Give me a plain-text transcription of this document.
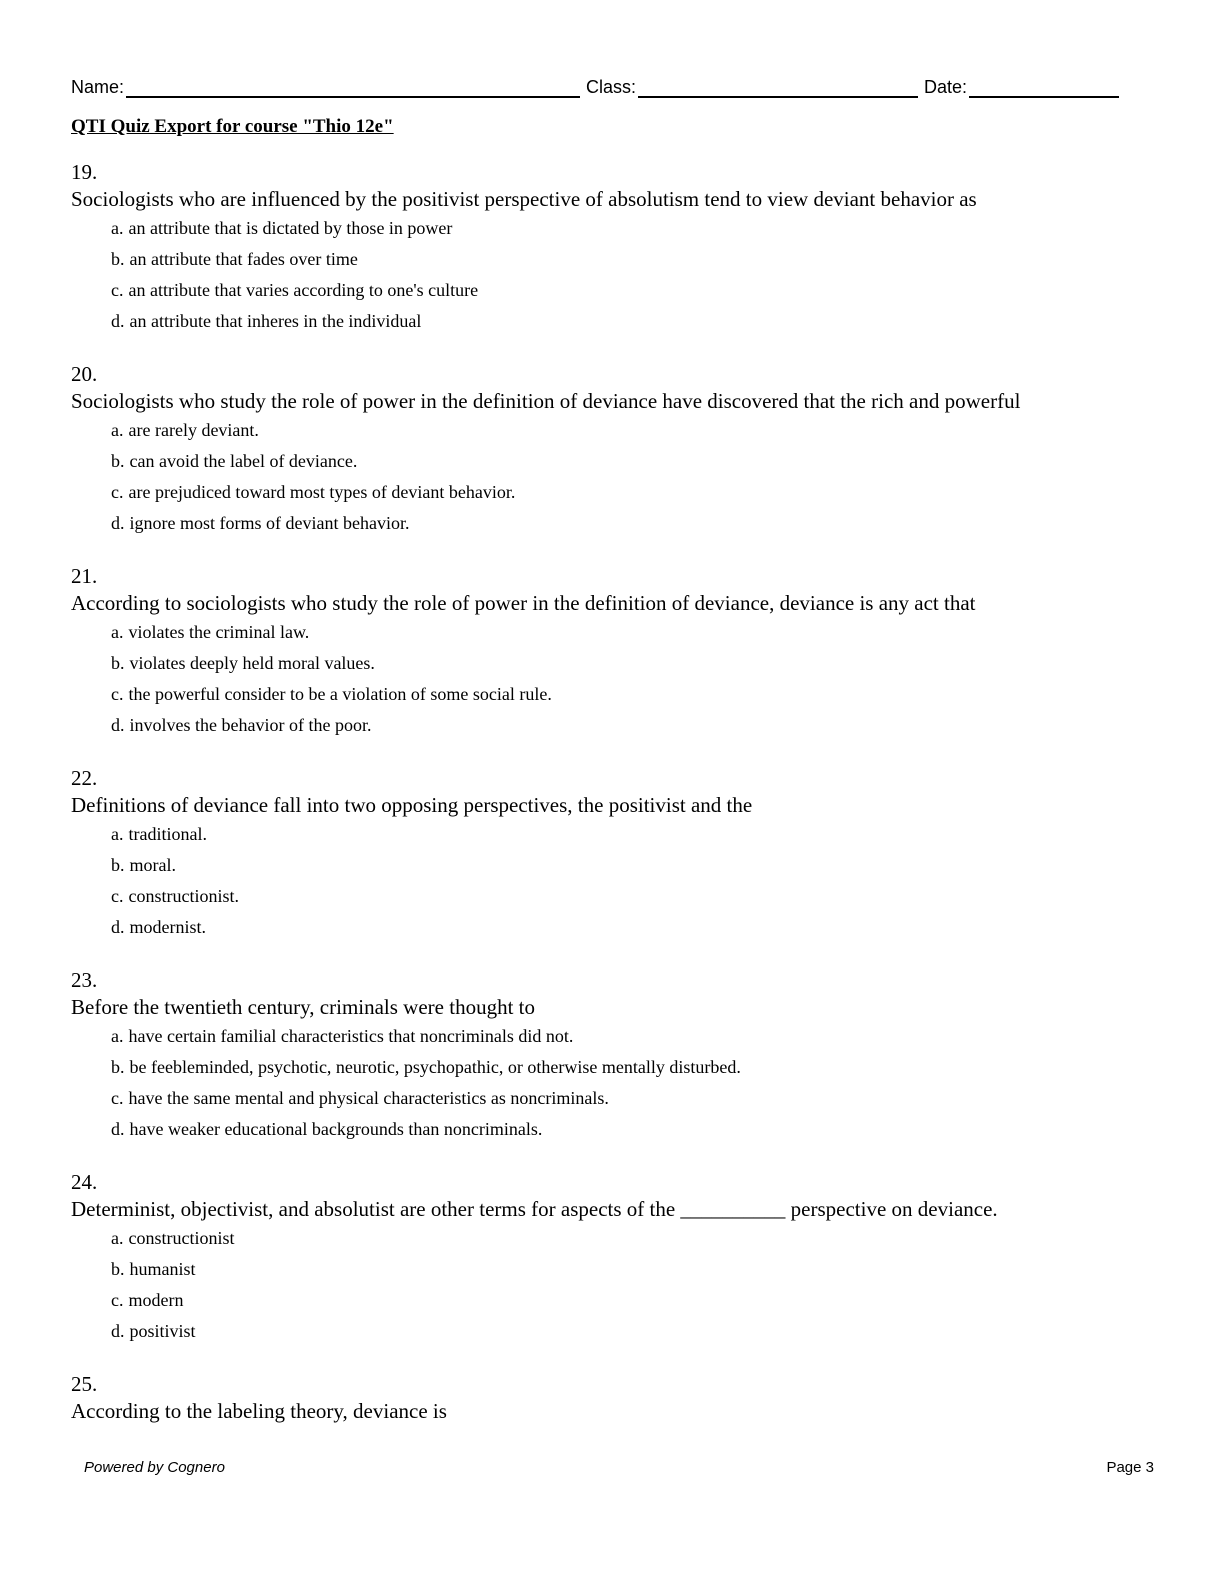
Name:	Class:	Date:
QTI Quiz Export for course "Thio 12e"
19.
Sociologists who are influenced by the positivist perspective of absolutism tend to view deviant behavior as
a. an attribute that is dictated by those in power
b. an attribute that fades over time
c. an attribute that varies according to one's culture
d. an attribute that inheres in the individual
20.
Sociologists who study the role of power in the definition of deviance have discovered that the rich and powerful
a. are rarely deviant.
b. can avoid the label of deviance.
c. are prejudiced toward most types of deviant behavior.
d. ignore most forms of deviant behavior.
21.
According to sociologists who study the role of power in the definition of deviance, deviance is any act that
a. violates the criminal law.
b. violates deeply held moral values.
c. the powerful consider to be a violation of some social rule.
d. involves the behavior of the poor.
22.
Definitions of deviance fall into two opposing perspectives, the positivist and the
a. traditional.
b. moral.
c. constructionist.
d. modernist.
23.
Before the twentieth century, criminals were thought to
a. have certain familial characteristics that noncriminals did not.
b. be feebleminded, psychotic, neurotic, psychopathic, or otherwise mentally disturbed.
c. have the same mental and physical characteristics as noncriminals.
d. have weaker educational backgrounds than noncriminals.
24.
Determinist, objectivist, and absolutist are other terms for aspects of the __________ perspective on deviance.
a. constructionist
b. humanist
c. modern
d. positivist
25.
According to the labeling theory, deviance is
Powered by Cognero	Page 3
